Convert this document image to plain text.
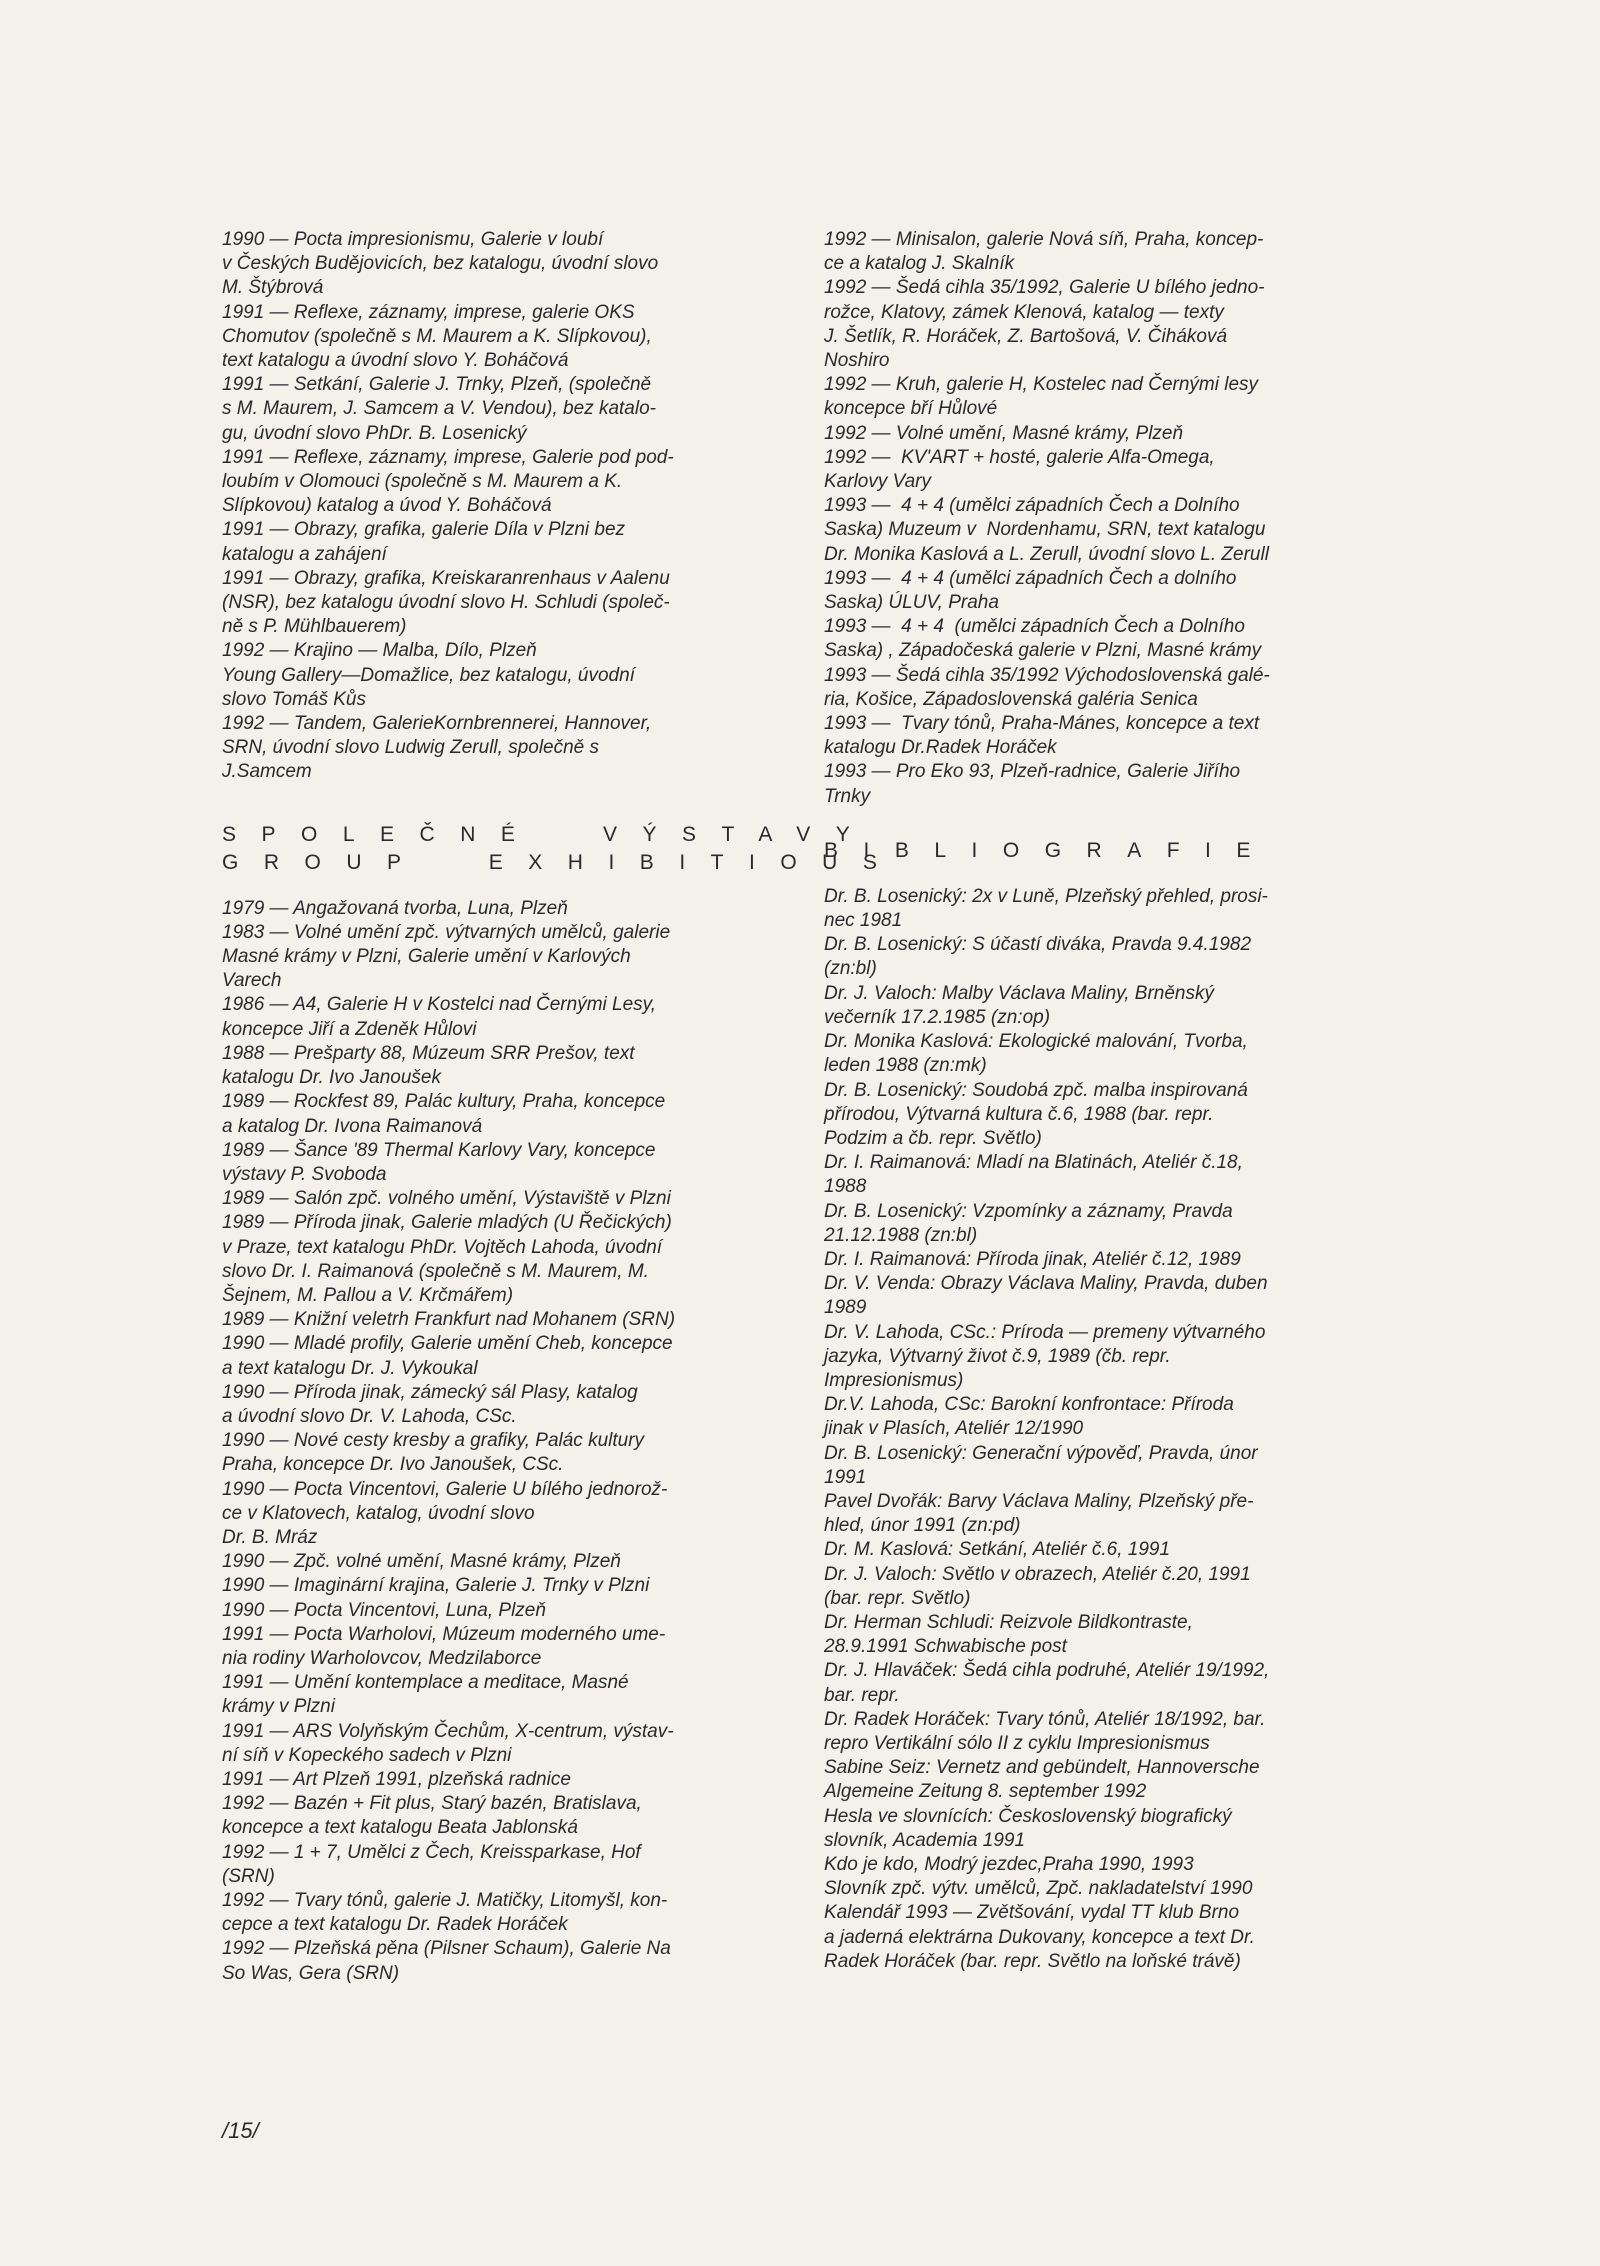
1990 — Pocta impresionismu, Galerie v loubí

v Českých Budějovicích, bez katalogu, úvodní slovo

M. Štýbrová

1991 — Reflexe, záznamy, imprese, galerie OKS

Chomutov (společně s M. Maurem a K. Slípkovou),

text katalogu a úvodní slovo Y. Boháčová

1991 — Setkání, Galerie J. Trnky, Plzeň, (společně

s M. Maurem, J. Samcem a V. Vendou), bez katalo-

gu, úvodní slovo PhDr. B. Losenický

1991 — Reflexe, záznamy, imprese, Galerie pod pod-

loubím v Olomouci (společně s M. Maurem a K.

Slípkovou) katalog a úvod Y. Boháčová

1991 — Obrazy, grafika, galerie Díla v Plzni bez

katalogu a zahájení

1991 — Obrazy, grafika, Kreiskaranrenhaus v Aalenu

(NSR), bez katalogu úvodní slovo H. Schludi (společ-

ně s P. Mühlbauerem)

1992 — Krajino — Malba, Dílo, Plzeň

Young Gallery—Domažlice, bez katalogu, úvodní

slovo Tomáš Kůs

1992 — Tandem, GalerieKornbrennerei, Hannover,

SRN, úvodní slovo Ludwig Zerull, společně s

J.Samcem

SPOLEČNÉ  VÝSTAVY

GROUP  EXHIBITIOUS

1979 — Angažovaná tvorba, Luna, Plzeň

1983 — Volné umění zpč. výtvarných umělců, galerie

Masné krámy v Plzni, Galerie umění v Karlových

Varech

1986 — A4, Galerie H v Kostelci nad Černými Lesy,

koncepce Jiří a Zdeněk Hůlovi

1988 — Prešparty 88, Múzeum SRR Prešov, text

katalogu Dr. Ivo Janoušek

1989 — Rockfest 89, Palác kultury, Praha, koncepce

a katalog Dr. Ivona Raimanová

1989 — Šance '89 Thermal Karlovy Vary, koncepce

výstavy P. Svoboda

1989 — Salón zpč. volného umění, Výstaviště v Plzni

1989 — Příroda jinak, Galerie mladých (U Řečických)

v Praze, text katalogu PhDr. Vojtěch Lahoda, úvodní

slovo Dr. I. Raimanová (společně s M. Maurem, M.

Šejnem, M. Pallou a V. Krčmářem)

1989 — Knižní veletrh Frankfurt nad Mohanem (SRN)

1990 — Mladé profily, Galerie umění Cheb, koncepce

a text katalogu Dr. J. Vykoukal

1990 — Příroda jinak, zámecký sál Plasy, katalog

a úvodní slovo Dr. V. Lahoda, CSc.

1990 — Nové cesty kresby a grafiky, Palác kultury

Praha, koncepce Dr. Ivo Janoušek, CSc.

1990 — Pocta Vincentovi, Galerie U bílého jednorož-

ce v Klatovech, katalog, úvodní slovo

Dr. B. Mráz

1990 — Zpč. volné umění, Masné krámy, Plzeň

1990 — Imaginární krajina, Galerie J. Trnky v Plzni

1990 — Pocta Vincentovi, Luna, Plzeň

1991 — Pocta Warholovi, Múzeum moderného ume-

nia rodiny Warholovcov, Medzilaborce

1991 — Umění kontemplace a meditace, Masné

krámy v Plzni

1991 — ARS Volyňským Čechům, X-centrum, výstav-

ní síň v Kopeckého sadech v Plzni

1991 — Art Plzeň 1991, plzeňská radnice

1992 — Bazén + Fit plus, Starý bazén, Bratislava,

koncepce a text katalogu Beata Jablonská

1992 — 1 + 7, Umělci z Čech, Kreissparkase, Hof

(SRN)

1992 — Tvary tónů, galerie J. Matičky, Litomyšl, kon-

cepce a text katalogu Dr. Radek Horáček

1992 — Plzeňská pěna (Pilsner Schaum), Galerie Na

So Was, Gera (SRN)

1992 — Minisalon, galerie Nová síň, Praha, koncep-

ce a katalog J. Skalník

1992 — Šedá cihla 35/1992, Galerie U bílého jedno-

rožce, Klatovy, zámek Klenová, katalog — texty

J. Šetlík, R. Horáček, Z. Bartošová, V. Čiháková

Noshiro

1992 — Kruh, galerie H, Kostelec nad Černými lesy

koncepce bří Hůlové

1992 — Volné umění, Masné krámy, Plzeň

1992 —  KV'ART + hosté, galerie Alfa-Omega,

Karlovy Vary

1993 —  4 + 4 (umělci západních Čech a Dolního

Saska) Muzeum v  Nordenhamu, SRN, text katalogu

Dr. Monika Kaslová a L. Zerull, úvodní slovo L. Zerull

1993 —  4 + 4 (umělci západních Čech a dolního

Saska) ÚLUV, Praha

1993 —  4 + 4  (umělci západních Čech a Dolního

Saska) , Západočeská galerie v Plzni, Masné krámy

1993 — Šedá cihla 35/1992 Východoslovenská galé-

ria, Košice, Západoslovenská galéria Senica

1993 —  Tvary tónů, Praha-Mánes, koncepce a text

katalogu Dr.Radek Horáček

1993 — Pro Eko 93, Plzeň-radnice, Galerie Jiřího

Trnky

BIBLIOGRAFIE

Dr. B. Losenický: 2x v Luně, Plzeňský přehled, prosi-

nec 1981

Dr. B. Losenický: S účastí diváka, Pravda 9.4.1982

(zn:bl)

Dr. J. Valoch: Malby Václava Maliny, Brněnský

večerník 17.2.1985 (zn:op)

Dr. Monika Kaslová: Ekologické malování, Tvorba,

leden 1988 (zn:mk)

Dr. B. Losenický: Soudobá zpč. malba inspirovaná

přírodou, Výtvarná kultura č.6, 1988 (bar. repr.

Podzim a čb. repr. Světlo)

Dr. I. Raimanová: Mladí na Blatinách, Ateliér č.18,

1988

Dr. B. Losenický: Vzpomínky a záznamy, Pravda

21.12.1988 (zn:bl)

Dr. I. Raimanová: Příroda jinak, Ateliér č.12, 1989

Dr. V. Venda: Obrazy Václava Maliny, Pravda, duben

1989

Dr. V. Lahoda, CSc.: Príroda — premeny výtvarného

jazyka, Výtvarný život č.9, 1989 (čb. repr.

Impresionismus)

Dr.V. Lahoda, CSc: Barokní konfrontace: Příroda

jinak v Plasích, Ateliér 12/1990

Dr. B. Losenický: Generační výpověď, Pravda, únor

1991

Pavel Dvořák: Barvy Václava Maliny, Plzeňský pře-

hled, únor 1991 (zn:pd)

Dr. M. Kaslová: Setkání, Ateliér č.6, 1991

Dr. J. Valoch: Světlo v obrazech, Ateliér č.20, 1991

(bar. repr. Světlo)

Dr. Herman Schludi: Reizvole Bildkontraste,

28.9.1991 Schwabische post

Dr. J. Hlaváček: Šedá cihla podruhé, Ateliér 19/1992,

bar. repr.

Dr. Radek Horáček: Tvary tónů, Ateliér 18/1992, bar.

repro Vertikální sólo II z cyklu Impresionismus

Sabine Seiz: Vernetz and gebündelt, Hannoversche

Algemeine Zeitung 8. september 1992

Hesla ve slovnících: Československý biografický

slovník, Academia 1991

Kdo je kdo, Modrý jezdec,Praha 1990, 1993

Slovník zpč. výtv. umělců, Zpč. nakladatelství 1990

Kalendář 1993 — Zvětšování, vydal TT klub Brno

a jaderná elektrárna Dukovany, koncepce a text Dr.

Radek Horáček (bar. repr. Světlo na loňské trávě)

/15/
